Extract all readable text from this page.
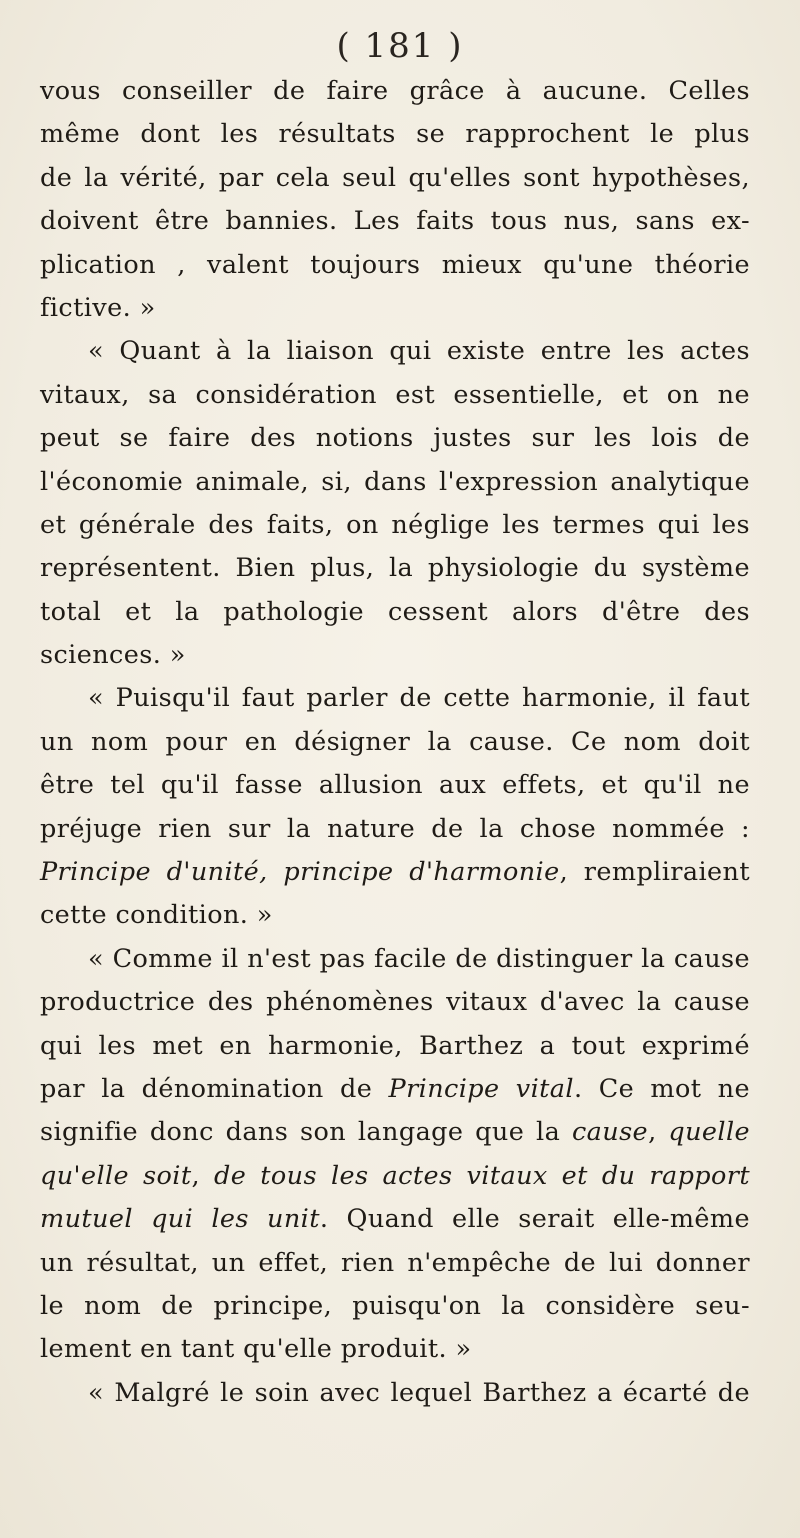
( 181 )
vous conseiller de faire grâce à aucune. Celles
même dont les résultats se rapprochent le plus
de la vérité, par cela seul qu'elles sont hypothèses,
doivent être bannies. Les faits tous nus, sans ex-
plication , valent toujours mieux qu'une théorie
fictive. »
« Quant à la liaison qui existe entre les actes
vitaux, sa considération est essentielle, et on ne
peut se faire des notions justes sur les lois de
l'économie animale, si, dans l'expression analytique
et générale des faits, on néglige les termes qui les
représentent. Bien plus, la physiologie du système
total et la pathologie cessent alors d'être des
sciences. »
« Puisqu'il faut parler de cette harmonie, il faut
un nom pour en désigner la cause. Ce nom doit
être tel qu'il fasse allusion aux effets, et qu'il ne
préjuge rien sur la nature de la chose nommée :
Principe d'unité, principe d'harmonie, rempliraient
cette condition. »
« Comme il n'est pas facile de distinguer la cause
productrice des phénomènes vitaux d'avec la cause
qui les met en harmonie, Barthez a tout exprimé
par la dénomination de Principe vital. Ce mot ne
signifie donc dans son langage que la cause, quelle
qu'elle soit, de tous les actes vitaux et du rapport
mutuel qui les unit. Quand elle serait elle-même
un résultat, un effet, rien n'empêche de lui donner
le nom de principe, puisqu'on la considère seu-
lement en tant qu'elle produit. »
« Malgré le soin avec lequel Barthez a écarté de
